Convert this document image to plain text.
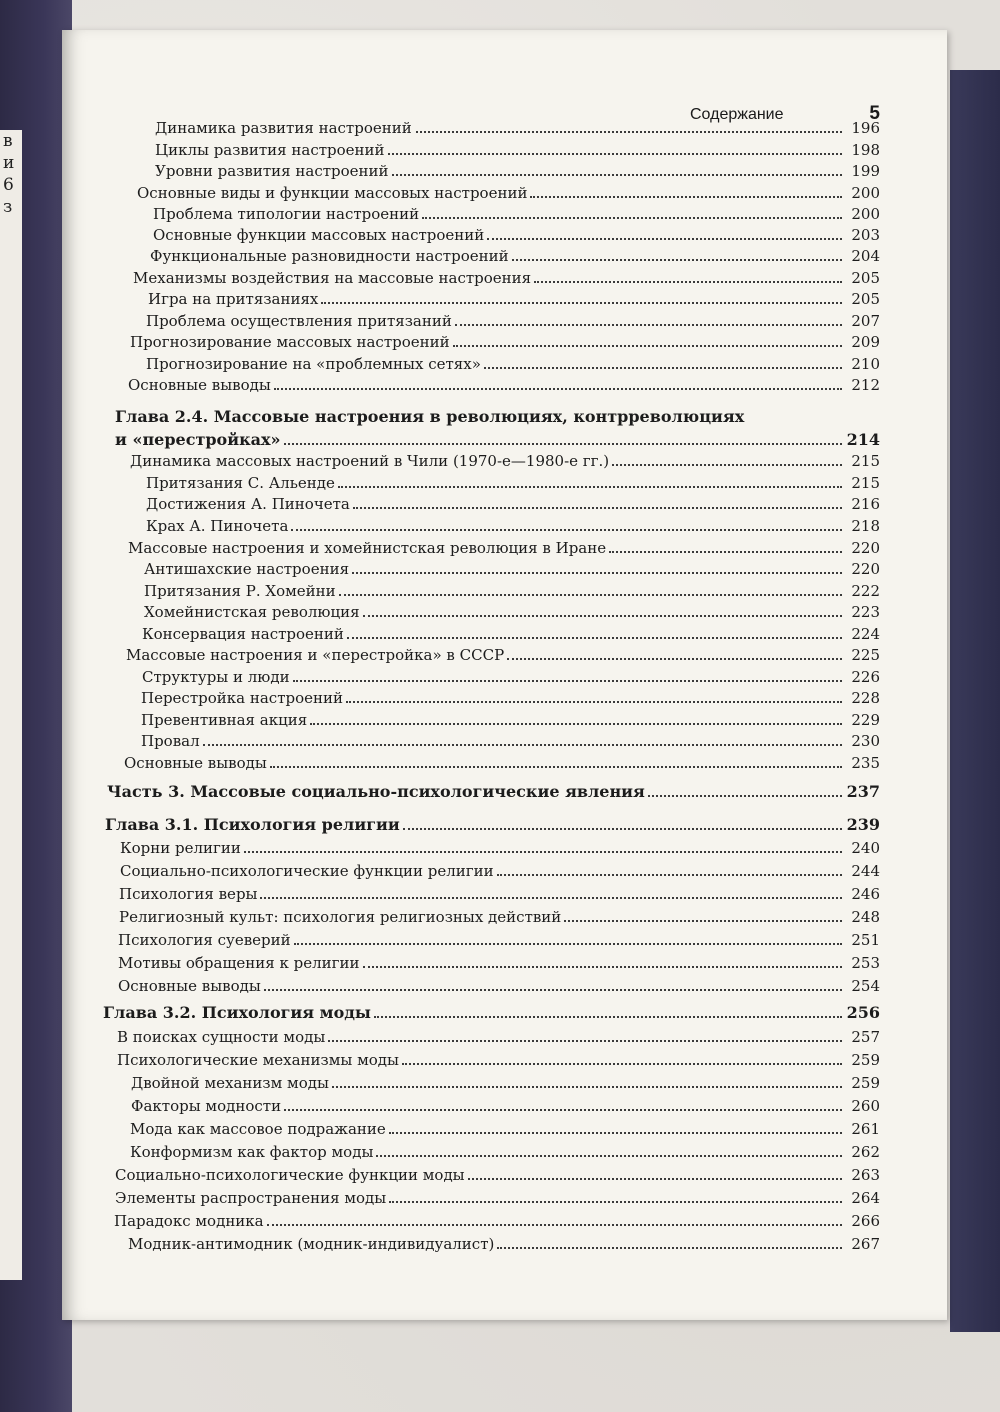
в
и
6
з
Содержание	5
Динамика развития настроений	196
Циклы развития настроений	198
Уровни развития настроений	199
Основные виды и функции массовых настроений	200
Проблема типологии настроений	200
Основные функции массовых настроений	203
Функциональные разновидности настроений	204
Механизмы воздействия на массовые настроения	205
Игра на притязаниях	205
Проблема осуществления притязаний	207
Прогнозирование массовых настроений	209
Прогнозирование на «проблемных сетях»	210
Основные выводы	212
Глава 2.4. Массовые настроения в революциях, контрреволюциях
и «перестройках»	214
Динамика массовых настроений в Чили (1970-е—1980-е гг.)	215
Притязания С. Альенде	215
Достижения А. Пиночета	216
Крах А. Пиночета	218
Массовые настроения и хомейнистская революция в Иране	220
Антишахские настроения	220
Притязания Р. Хомейни	222
Хомейнистская революция	223
Консервация настроений	224
Массовые настроения и «перестройка» в СССР	225
Структуры и люди	226
Перестройка настроений	228
Превентивная акция	229
Провал	230
Основные выводы	235
Часть 3. Массовые социально-психологические явления	237
Глава 3.1. Психология религии	239
Корни религии	240
Социально-психологические функции религии	244
Психология веры	246
Религиозный культ: психология религиозных действий	248
Психология суеверий	251
Мотивы обращения к религии	253
Основные выводы	254
Глава 3.2. Психология моды	256
В поисках сущности моды	257
Психологические механизмы моды	259
Двойной механизм моды	259
Факторы модности	260
Мода как массовое подражание	261
Конформизм как фактор моды	262
Социально-психологические функции моды	263
Элементы распространения моды	264
Парадокс модника	266
Модник-антимодник (модник-индивидуалист)	267
